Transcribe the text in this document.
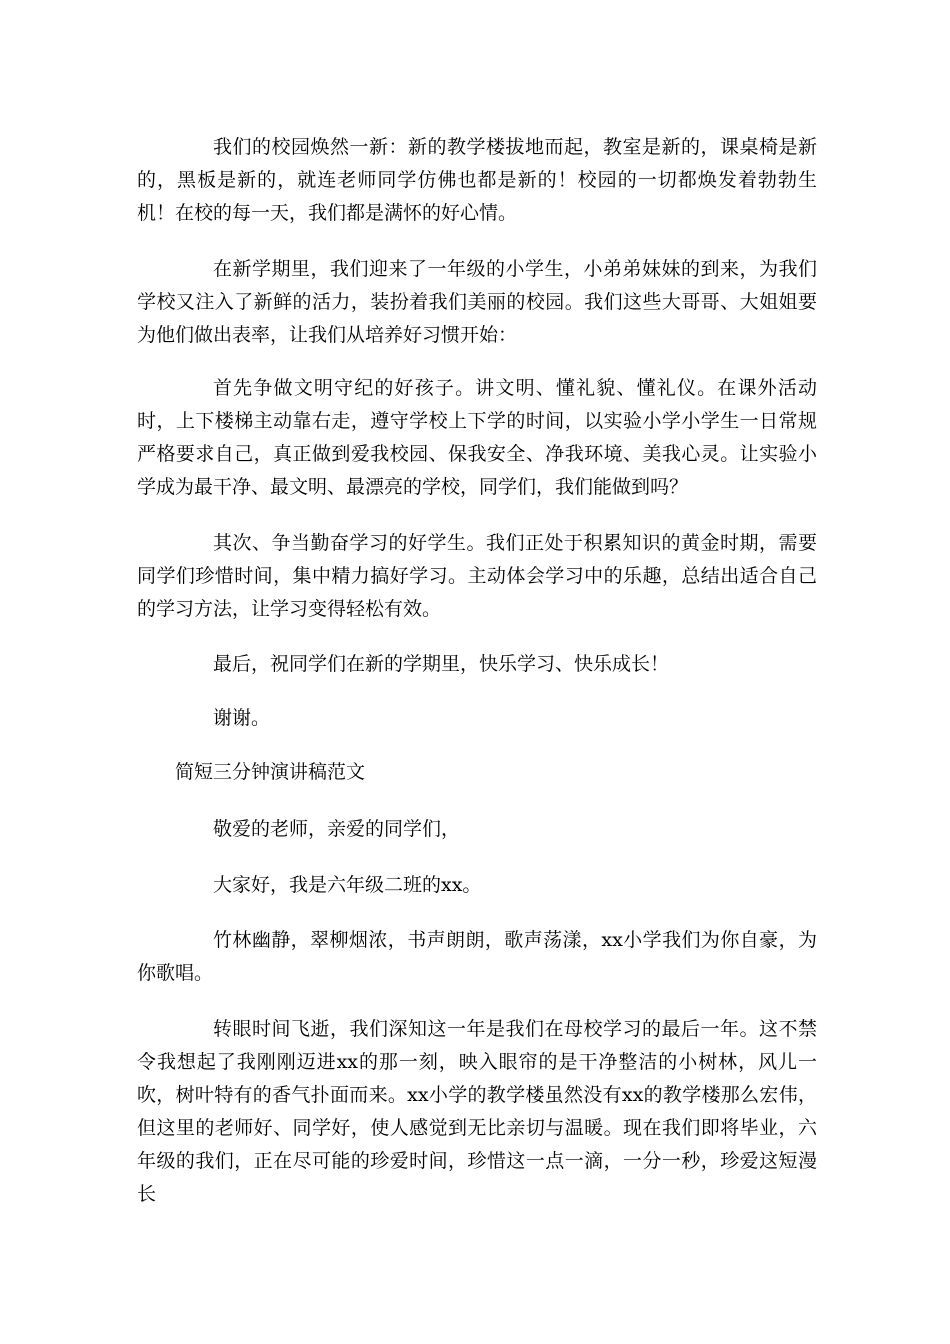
我们的校园焕然一新：新的教学楼拔地而起，教室是新的，课桌椅是新的，黑板是新的，就连老师同学仿佛也都是新的！校园的一切都焕发着勃勃生机！在校的每一天，我们都是满怀的好心情。

在新学期里，我们迎来了一年级的小学生，小弟弟妹妹的到来，为我们学校又注入了新鲜的活力，装扮着我们美丽的校园。我们这些大哥哥、大姐姐要为他们做出表率，让我们从培养好习惯开始：

首先争做文明守纪的好孩子。讲文明、懂礼貌、懂礼仪。在课外活动时，上下楼梯主动靠右走，遵守学校上下学的时间，以实验小学小学生一日常规严格要求自己，真正做到爱我校园、保我安全、净我环境、美我心灵。让实验小学成为最干净、最文明、最漂亮的学校，同学们，我们能做到吗？

其次、争当勤奋学习的好学生。我们正处于积累知识的黄金时期，需要同学们珍惜时间，集中精力搞好学习。主动体会学习中的乐趣，总结出适合自己的学习方法，让学习变得轻松有效。

最后，祝同学们在新的学期里，快乐学习、快乐成长！

谢谢。

简短三分钟演讲稿范文

敬爱的老师，亲爱的同学们，

大家好，我是六年级二班的xx。

竹林幽静，翠柳烟浓，书声朗朗，歌声荡漾，xx小学我们为你自豪，为你歌唱。

转眼时间飞逝，我们深知这一年是我们在母校学习的最后一年。这不禁令我想起了我刚刚迈进xx的那一刻，映入眼帘的是干净整洁的小树林，风儿一吹，树叶特有的香气扑面而来。xx小学的教学楼虽然没有xx的教学楼那么宏伟，但这里的老师好、同学好，使人感觉到无比亲切与温暖。现在我们即将毕业，六年级的我们，正在尽可能的珍爱时间，珍惜这一点一滴，一分一秒，珍爱这短漫长
